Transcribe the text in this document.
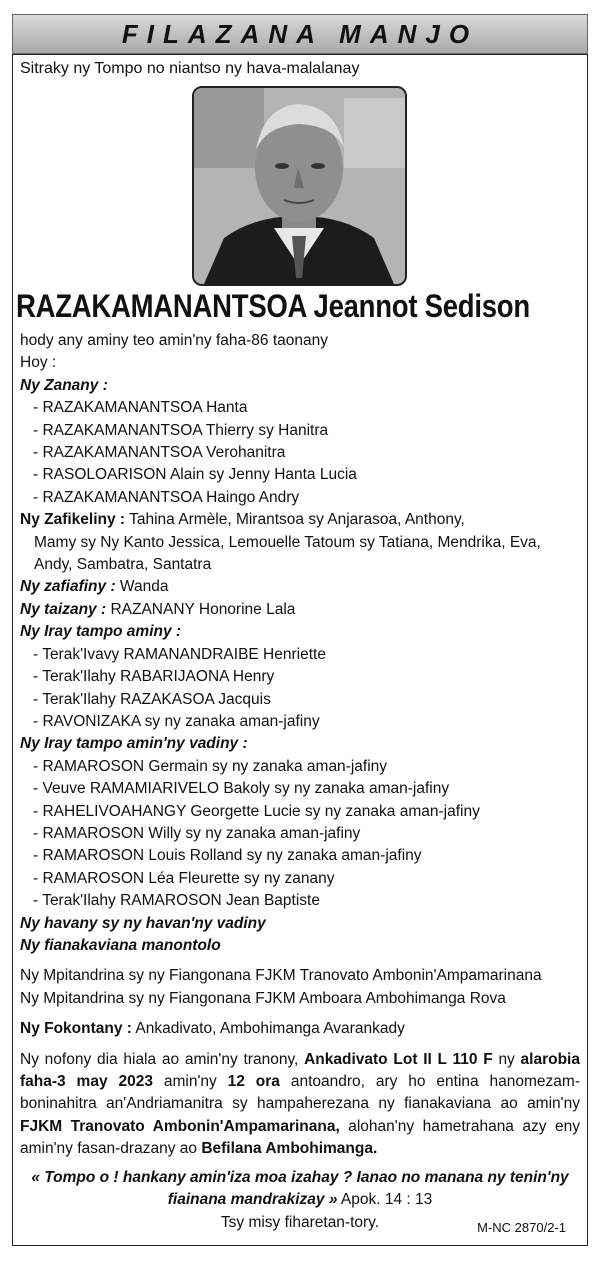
FILAZANA MANJO
Sitraky ny Tompo no niantso ny hava-malalanay
RAZAKAMANANTSOA Jeannot Sedison
hody any aminy teo amin'ny faha-86 taonany
Hoy :
Ny Zanany :
- RAZAKAMANANTSOA Hanta
- RAZAKAMANANTSOA Thierry sy Hanitra
- RAZAKAMANANTSOA Verohanitra
- RASOLOARISON Alain sy Jenny Hanta Lucia
- RAZAKAMANANTSOA Haingo Andry
Ny Zafikeliny : Tahina Armèle, Mirantsoa sy Anjarasoa, Anthony,
Mamy sy Ny Kanto Jessica, Lemouelle Tatoum sy Tatiana, Mendrika, Eva,
Andy, Sambatra, Santatra
Ny zafiafiny : Wanda
Ny taizany : RAZANANY Honorine Lala
Ny Iray tampo aminy :
- Terak'Ivavy RAMANANDRAIBE Henriette
- Terak'Ilahy RABARIJAONA Henry
- Terak'Ilahy RAZAKASOA Jacquis
- RAVONIZAKA sy ny zanaka aman-jafiny
Ny Iray tampo amin'ny vadiny :
- RAMAROSON Germain sy ny zanaka aman-jafiny
- Veuve RAMAMIARIVELO Bakoly sy ny zanaka aman-jafiny
- RAHELIVOAHANGY Georgette Lucie sy ny zanaka aman-jafiny
- RAMAROSON Willy sy ny zanaka aman-jafiny
- RAMAROSON Louis Rolland sy ny zanaka aman-jafiny
- RAMAROSON Léa Fleurette sy ny zanany
- Terak'Ilahy RAMAROSON Jean Baptiste
Ny havany sy ny havan'ny vadiny
Ny fianakaviana manontolo
Ny Mpitandrina sy ny Fiangonana FJKM Tranovato Ambonin'Ampamarinana
Ny Mpitandrina sy ny Fiangonana FJKM Amboara Ambohimanga Rova
Ny Fokontany : Ankadivato, Ambohimanga Avarankady
Ny nofony dia hiala ao amin'ny tranony, Ankadivato Lot II L 110 F ny alarobia faha-3 may 2023 amin'ny 12 ora antoandro, ary ho entina hanomezam-boninahitra an'Andriamanitra sy hampaherezana ny fianakaviana ao amin'ny FJKM Tranovato Ambonin'Ampamarinana, alohan'ny hametrahana azy eny amin'ny fasan-drazany ao Befilana Ambohimanga.
« Tompo o ! hankany amin'iza moa izahay ? Ianao no manana ny tenin'ny fiainana mandrakizay » Apok. 14 : 13
Tsy misy fiharetan-tory.	M-NC 2870/2-1
